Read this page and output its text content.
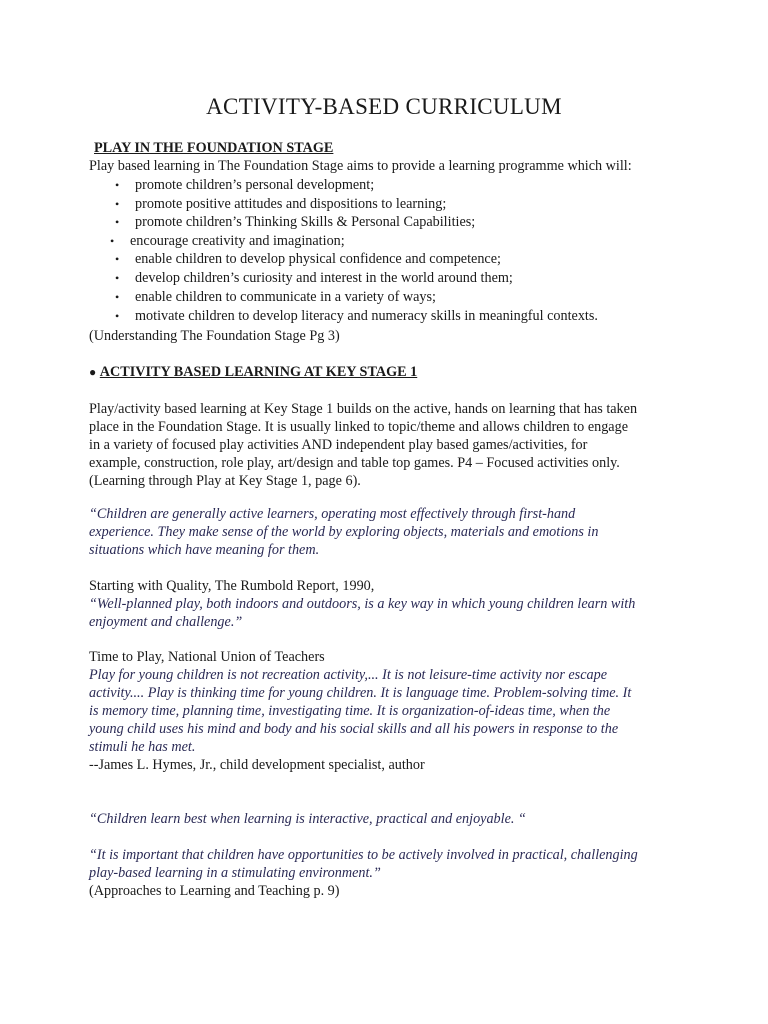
ACTIVITY-BASED CURRICULUM
PLAY IN THE FOUNDATION STAGE
Play based learning in The Foundation Stage aims to provide a learning programme which will:
• promote children’s personal development;
• promote positive attitudes and dispositions to learning;
• promote children’s Thinking Skills & Personal Capabilities;
• encourage creativity and imagination;
• enable children to develop physical confidence and competence;
• develop children’s curiosity and interest in the world around them;
• enable children to communicate in a variety of ways;
• motivate children to develop literacy and numeracy skills in meaningful contexts.
(Understanding The Foundation Stage Pg 3)
● ACTIVITY BASED LEARNING AT KEY STAGE 1
Play/activity based learning at Key Stage 1 builds on the active, hands on learning that has taken
place in the Foundation Stage. It is usually linked to topic/theme and allows children to engage
in a variety of focused play activities AND independent play based games/activities, for
example, construction, role play, art/design and table top games. P4 – Focused activities only.
(Learning through Play at Key Stage 1, page 6).
“Children are generally active learners, operating most effectively through first-hand
experience. They make sense of the world by exploring objects, materials and emotions in
situations which have meaning for them.
Starting with Quality, The Rumbold Report, 1990,
“Well-planned play, both indoors and outdoors, is a key way in which young children learn with
enjoyment and challenge.”
Time to Play, National Union of Teachers
Play for young children is not recreation activity,... It is not leisure-time activity nor escape
activity.... Play is thinking time for young children. It is language time. Problem-solving time. It
is memory time, planning time, investigating time. It is organization-of-ideas time, when the
young child uses his mind and body and his social skills and all his powers in response to the
stimuli he has met.
--James L. Hymes, Jr., child development specialist, author
“Children learn best when learning is interactive, practical and enjoyable. “
“It is important that children have opportunities to be actively involved in practical, challenging
play-based learning in a stimulating environment.”
(Approaches to Learning and Teaching p. 9)
